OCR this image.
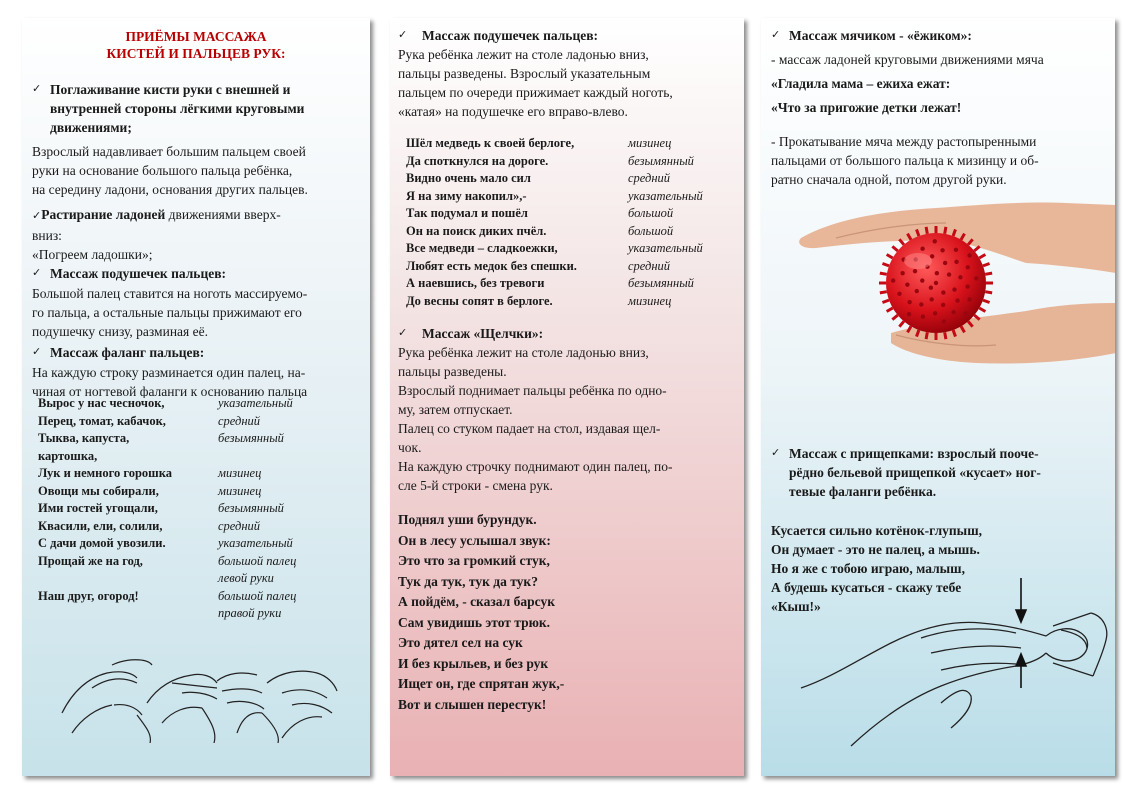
ПРИЁМЫ МАССАЖА
КИСТЕЙ И ПАЛЬЦЕВ РУК:
✓ Поглаживание кисти руки с внешней и
внутренней стороны лёгкими круговыми
движениями;
Взрослый надавливает большим пальцем своей
руки на основание большого пальца ребёнка,
на середину ладони, основания других пальцев.
✓Растирание ладоней движениями вверх-
вниз:
«Погреем ладошки»;
✓ Массаж подушечек пальцев:
Большой палец ставится на ноготь массируемо-
го пальца, а остальные пальцы прижимают его
подушечку снизу, разминая её.
✓ Массаж фаланг пальцев:
На каждую строку разминается один палец, на-
чиная от ногтевой фаланги к основанию пальца
Вырос у нас чесночок,	указательный
Перец, томат, кабачок,	средний
Тыква, капуста,	безымянный
картошка,
Лук и немного горошка	мизинец
Овощи мы собирали,	мизинец
Ими гостей угощали,	безымянный
Квасили, ели, солили,	средний
С дачи домой увозили.	указательный
Прощай же на год,	большой палец
левой руки
Наш друг, огород!	большой палец
правой руки
✓	Массаж подушечек пальцев:
Рука ребёнка лежит на столе ладонью вниз,
пальцы разведены. Взрослый указательным
пальцем по очереди прижимает каждый ноготь,
«катая» на подушечке его вправо-влево.
Шёл медведь к своей берлоге,	мизинец
Да споткнулся на дороге.	безымянный
Видно очень мало сил	средний
Я на зиму накопил»,-	указательный
Так подумал и пошёл	большой
Он на поиск диких пчёл.	большой
Все медведи – сладкоежки,	указательный
Любят есть медок без спешки.	средний
А наевшись, без тревоги	безымянный
До весны сопят в берлоге.	мизинец
✓	Массаж «Щелчки»:
Рука ребёнка лежит на столе ладонью вниз,
пальцы разведены.
Взрослый поднимает пальцы ребёнка по одно-
му, затем отпускает.
Палец со стуком падает на стол, издавая щел-
чок.
На каждую строчку поднимают один палец, по-
сле 5-й строки - смена рук.
Поднял уши бурундук.
Он в лесу услышал звук:
Это что за громкий стук,
Тук да тук, тук да тук?
А пойдём, - сказал барсук
Сам увидишь этот трюк.
Это дятел сел на сук
И без крыльев, и без рук
Ищет он, где спрятан жук,-
Вот и слышен перестук!
✓ Массаж мячиком - «ёжиком»:
- массаж ладоней круговыми движениями мяча
«Гладила мама – ежиха ежат:
«Что за пригожие детки лежат!
- Прокатывание мяча между растопыренными
пальцами от большого пальца к мизинцу и об-
ратно сначала одной, потом другой руки.
✓ Массаж с прищепками: взрослый пооче-
рёдно бельевой прищепкой «кусает» ног-
тевые фаланги ребёнка.
Кусается сильно котёнок-глупыш,
Он думает - это не палец, а мышь.
Но я же с тобою играю, малыш,
А будешь кусаться - скажу тебе
«Кыш!»
